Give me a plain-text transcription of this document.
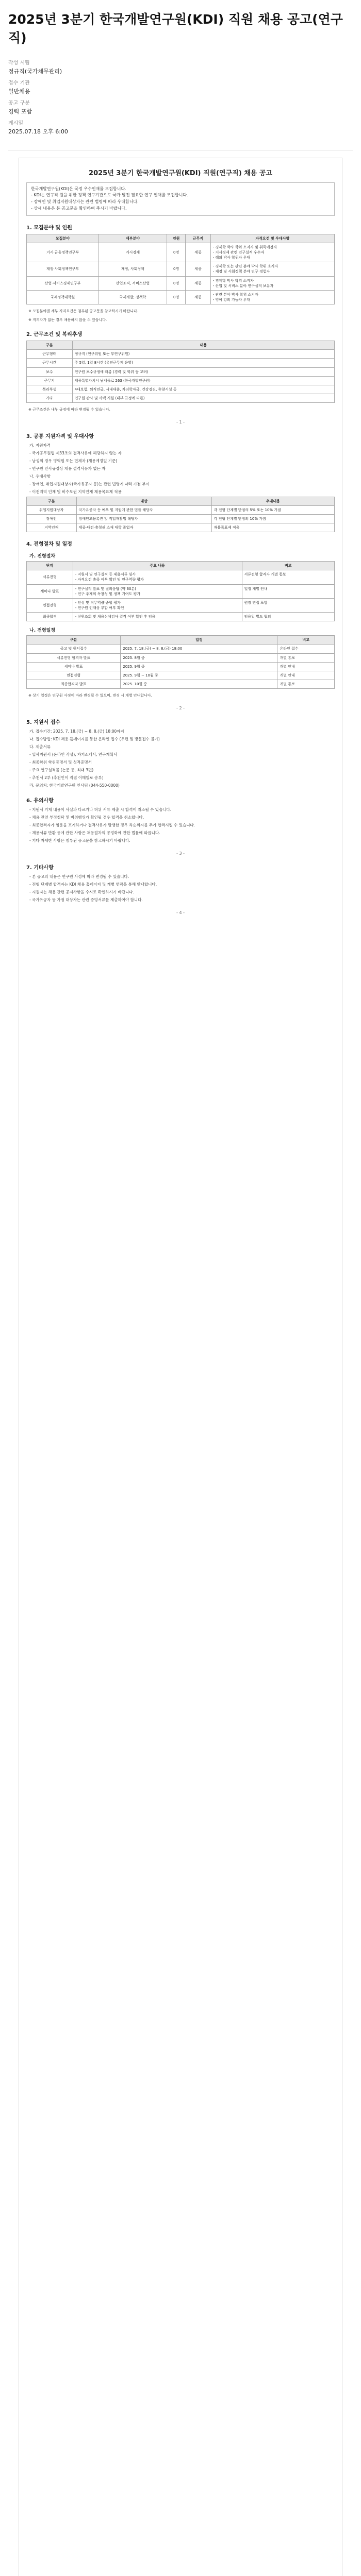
2025년 3분기 한국개발연구원(KDI) 직원 채용 공고(연구직)
작성 시팀
정규직(국가채무관리)
접수 기관
일반채용
공고 구분
경력 포함
게시일
2025.07.18 오후 6:00
2025년 3분기 한국개발연구원(KDI) 직원(연구직) 채용 공고
한국개발연구원(KDI)은 국정 우수인재를 모집합니다.
- KDI는 연구직 원을 위한 정책 연구기관으로 국가 발전 필요한 연구 인재를 모집합니다.
- 장애인 및 취업지원대상자는 관련 법령에 따라 우대합니다.
- 상세 내용은 본 공고문을 확인하여 주시기 바랍니다.
1. 모집분야 및 인원
모집분야	세부분야	인원	근무지	자격요건 및 우대사항
거시·금융정책연구부	거시경제	0명	세종	- 경제학 박사 학위 소지자 및 취득예정자
- 거시경제 관련 연구실적 우수자
- 해외 박사 학위자 우대
재정·사회정책연구부	재정, 사회정책	0명	세종	- 경제학 또는 관련 분야 박사 학위 소지자
- 재정 및 사회정책 분야 연구 경험자
산업·서비스경제연구부	산업조직, 서비스산업	0명	세종	- 경제학 박사 학위 소지자
- 산업 및 서비스 분야 연구실적 보유자
국제정책대학원	국제개발, 정책학	0명	세종	- 관련 분야 박사 학위 소지자
- 영어 강의 가능자 우대
※ 모집분야별 세부 자격요건은 첨부된 공고문을 참고하시기 바랍니다.
※ 적격자가 없는 경우 채용하지 않을 수 있습니다.
2. 근무조건 및 복리후생
구분	내용
근무형태	정규직 (연구위원 또는 부연구위원)
근무시간	주 5일, 1일 8시간 (유연근무제 운영)
보수	연구원 보수규정에 따름 (경력 및 학위 등 고려)
근무지	세종특별자치시 남세종로 263 (한국개발연구원)
복리후생	4대보험, 퇴직연금, 사내대출, 자녀학자금, 건강검진, 휴양시설 등
기타	연구원 관사 및 사택 지원 (내부 규정에 따름)
※ 근무조건은 내부 규정에 따라 변경될 수 있습니다.
- 1 -
3. 공통 지원자격 및 우대사항
가. 지원자격
- 국가공무원법 제33조의 결격사유에 해당하지 않는 자
- 남성의 경우 병역필 또는 면제자 (채용예정일 기준)
- 연구원 인사규정상 채용 결격사유가 없는 자
나. 우대사항
- 장애인, 취업지원대상자(국가유공자 등)는 관련 법령에 따라 가점 부여
- 이전지역 인재 및 비수도권 지역인재 채용목표제 적용
구분	대상	우대내용
취업지원대상자	국가유공자 등 예우 및 지원에 관한 법률 해당자	각 전형 단계별 만점의 5% 또는 10% 가점
장애인	장애인고용촉진 및 직업재활법 해당자	각 전형 단계별 만점의 10% 가점
지역인재	세종·대전·충청권 소재 대학 졸업자	채용목표제 적용
4. 전형절차 및 일정
가. 전형절차
단계	주요 내용	비고
서류전형	- 지원서 및 연구실적 등 제출서류 심사
- 자격요건 충족 여부 확인 및 연구역량 평가	서류전형 합격자 개별 통보
세미나 발표	- 연구실적 발표 및 질의응답 (약 60분)
- 연구 주제의 독창성 및 정책 기여도 평가	일정 개별 안내
면접전형	- 인성 및 직무역량 종합 평가
- 연구원 인재상 부합 여부 확인	원장 면접 포함
최종합격	- 신원조회 및 채용신체검사 결격 여부 확인 후 임용	임용일 별도 협의
나. 전형일정
구분	일정	비고
공고 및 원서접수	2025. 7. 18.(금) ~ 8. 8.(금) 18:00	온라인 접수
서류전형 합격자 발표	2025. 8월 중	개별 통보
세미나 발표	2025. 9월 중	개별 안내
면접전형	2025. 9월 ~ 10월 중	개별 안내
최종합격자 발표	2025. 10월 중	개별 통보
※ 상기 일정은 연구원 사정에 따라 변경될 수 있으며, 변경 시 개별 안내합니다.
- 2 -
5. 지원서 접수
가. 접수기간: 2025. 7. 18.(금) ~ 8. 8.(금) 18:00까지
나. 접수방법: KDI 채용 홈페이지를 통한 온라인 접수 (우편 및 방문접수 불가)
다. 제출서류
- 입사지원서 (온라인 작성), 자기소개서, 연구계획서
- 최종학위 학위증명서 및 성적증명서
- 주요 연구실적물 (논문 등, 최대 3편)
- 추천서 2부 (추천인이 직접 이메일로 송부)
라. 문의처: 한국개발연구원 인사팀 (044-550-0000)
6. 유의사항
- 지원서 기재 내용이 사실과 다르거나 허위 서류 제출 시 합격이 취소될 수 있습니다.
- 채용 관련 부정청탁 및 비위행위가 확인될 경우 합격을 취소합니다.
- 최종합격자가 임용을 포기하거나 결격사유가 발생한 경우 차순위자를 추가 합격시킬 수 있습니다.
- 채용서류 반환 등에 관한 사항은 채용절차의 공정화에 관한 법률에 따릅니다.
- 기타 자세한 사항은 첨부된 공고문을 참고하시기 바랍니다.
- 3 -
7. 기타사항
- 본 공고의 내용은 연구원 사정에 따라 변경될 수 있습니다.
- 전형 단계별 합격자는 KDI 채용 홈페이지 및 개별 연락을 통해 안내합니다.
- 지원자는 채용 관련 공지사항을 수시로 확인하시기 바랍니다.
- 국가유공자 등 가점 대상자는 관련 증빙서류를 제출하여야 합니다.
- 4 -
